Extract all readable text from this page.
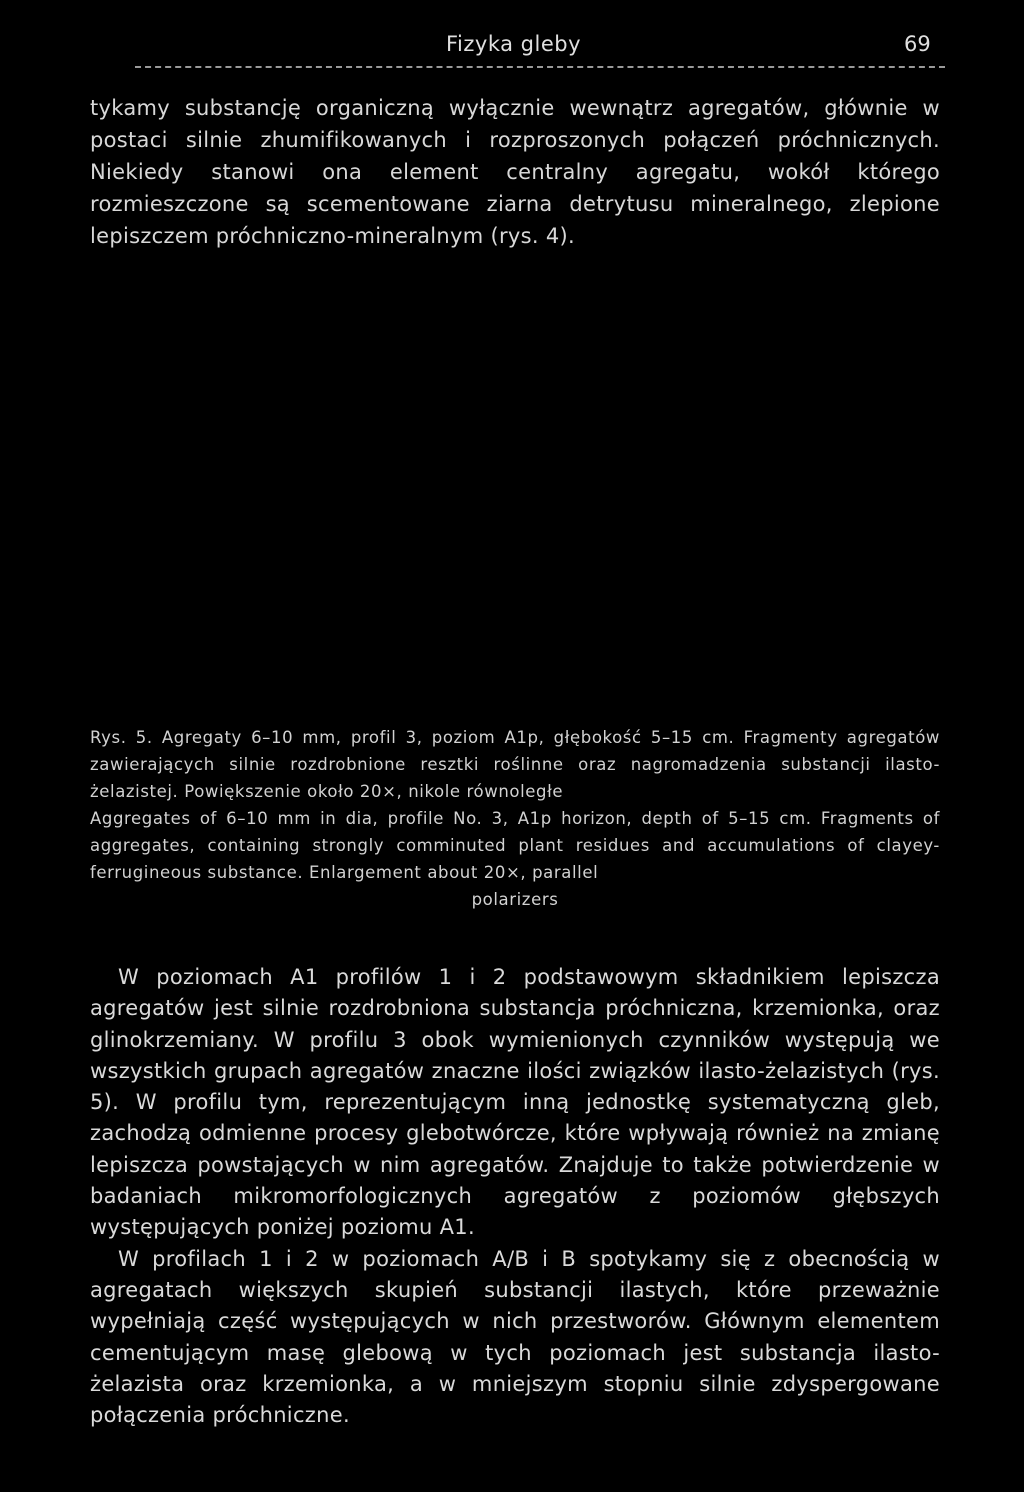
Fizyka gleby	69

tykamy substancję organiczną wyłącznie wewnątrz agregatów, głównie w postaci silnie zhumifikowanych i rozproszonych połączeń próchnicznych. Niekiedy stanowi ona element centralny agregatu, wokół którego rozmieszczone są scementowane ziarna detrytusu mineralnego, zlepione lepiszczem próchniczno-mineralnym (rys. 4).

Rys. 5. Agregaty 6–10 mm, profil 3, poziom A1p, głębokość 5–15 cm. Fragmenty agregatów zawierających silnie rozdrobnione resztki roślinne oraz nagromadzenia substancji ilasto-żelazistej. Powiększenie około 20×, nikole równoległe

Aggregates of 6–10 mm in dia, profile No. 3, A1p horizon, depth of 5–15 cm. Fragments of aggregates, containing strongly comminuted plant residues and accumulations of clayey-ferrugineous substance. Enlargement about 20×, parallel

polarizers

W poziomach A1 profilów 1 i 2 podstawowym składnikiem lepiszcza agregatów jest silnie rozdrobniona substancja próchniczna, krzemionka, oraz glinokrzemiany. W profilu 3 obok wymienionych czynników występują we wszystkich grupach agregatów znaczne ilości związków ilasto-żelazistych (rys. 5). W profilu tym, reprezentującym inną jednostkę systematyczną gleb, zachodzą odmienne procesy glebotwórcze, które wpływają również na zmianę lepiszcza powstających w nim agregatów. Znajduje to także potwierdzenie w badaniach mikromorfologicznych agregatów z poziomów głębszych występujących poniżej poziomu A1.

W profilach 1 i 2 w poziomach A/B i B spotykamy się z obecnością w agregatach większych skupień substancji ilastych, które przeważnie wypełniają część występujących w nich przestworów. Głównym elementem cementującym masę glebową w tych poziomach jest substancja ilasto-żelazista oraz krzemionka, a w mniejszym stopniu silnie zdyspergowane połączenia próchniczne.
